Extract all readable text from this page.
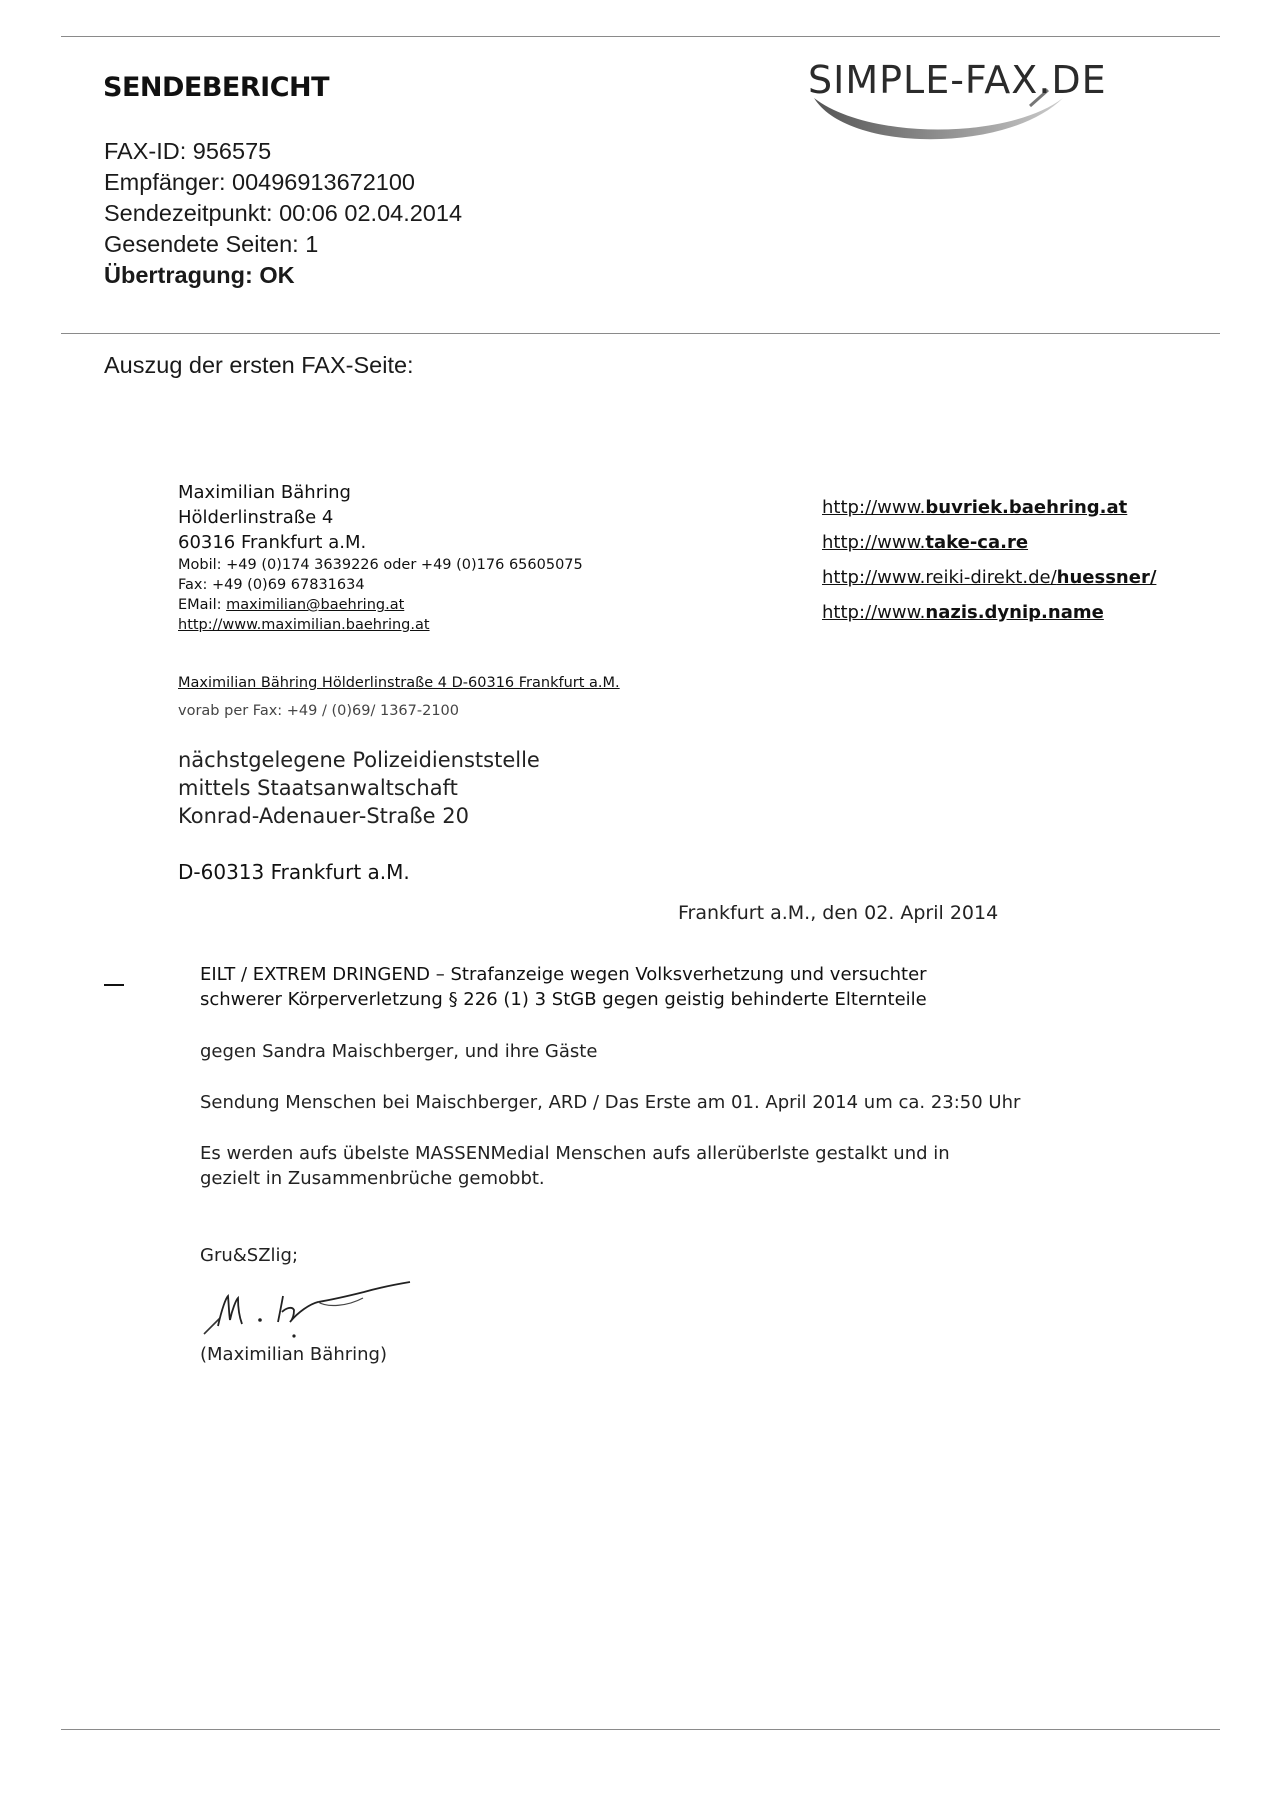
SENDEBERICHT	SIMPLE-FAX.DE
FAX-ID: 956575
Empfänger: 00496913672100
Sendezeitpunkt: 00:06 02.04.2014
Gesendete Seiten: 1
Übertragung: OK
Auszug der ersten FAX-Seite:
Maximilian Bähring
Hölderlinstraße 4
60316 Frankfurt a.M.
Mobil: +49 (0)174 3639226 oder +49 (0)176 65605075
Fax: +49 (0)69 67831634
EMail: maximilian@baehring.at
http://www.maximilian.baehring.at
http://www.buvriek.baehring.at
http://www.take-ca.re
http://www.reiki-direkt.de/huessner/
http://www.nazis.dynip.name
Maximilian Bähring Hölderlinstraße 4 D-60316 Frankfurt a.M.
vorab per Fax: +49 / (0)69/ 1367-2100
nächstgelegene Polizeidienststelle
mittels Staatsanwaltschaft
Konrad-Adenauer-Straße 20
D-60313 Frankfurt a.M.
Frankfurt a.M., den 02. April 2014
EILT / EXTREM DRINGEND – Strafanzeige wegen Volksverhetzung und versuchter
schwerer Körperverletzung § 226 (1) 3 StGB gegen geistig behinderte Elternteile
gegen Sandra Maischberger, und ihre Gäste
Sendung Menschen bei Maischberger, ARD / Das Erste am 01. April 2014 um ca. 23:50 Uhr
Es werden aufs übelste MASSENMedial Menschen aufs allerüberlste gestalkt und in
gezielt in Zusammenbrüche gemobbt.
Gru&SZlig;
(Maximilian Bähring)
